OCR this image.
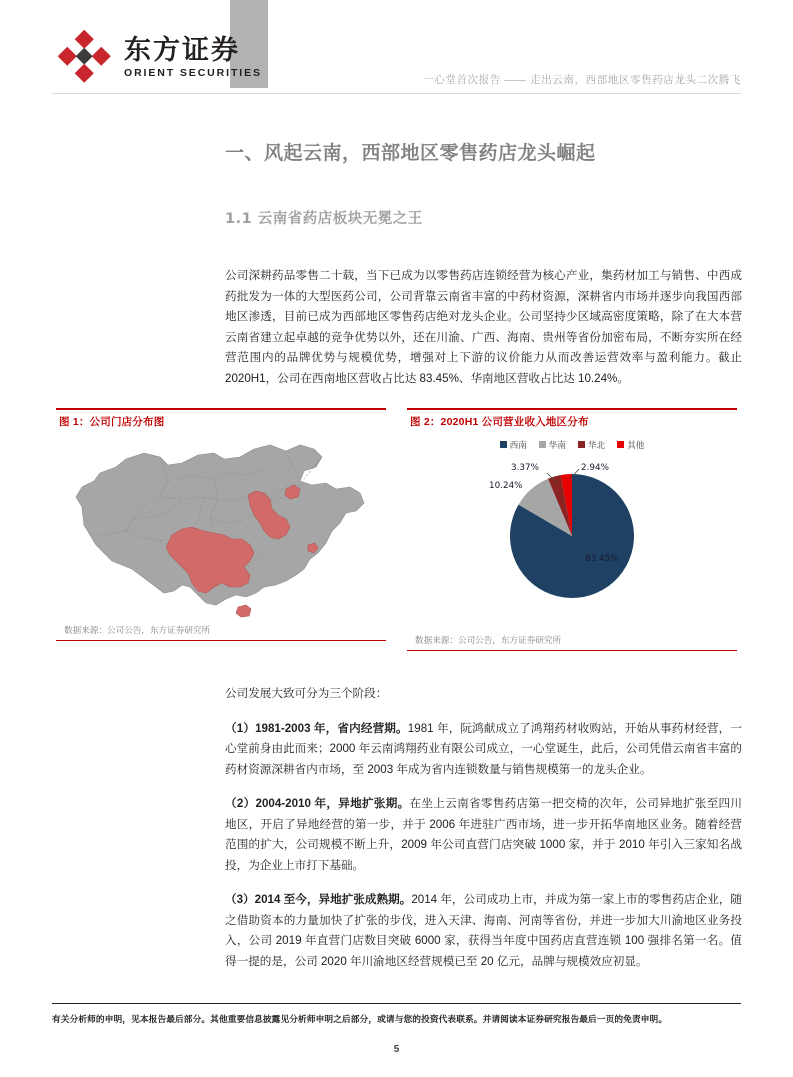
东方证券
ORIENT SECURITIES
一心堂首次报告 —— 走出云南，西部地区零售药店龙头二次腾飞
一、风起云南，西部地区零售药店龙头崛起
1.1 云南省药店板块无冕之王

公司深耕药品零售二十载，当下已成为以零售药店连锁经营为核心产业，集药材加工与销售、中西成药批发为一体的大型医药公司，公司背靠云南省丰富的中药材资源，深耕省内市场并逐步向我国西部地区渗透，目前已成为西部地区零售药店绝对龙头企业。公司坚持少区域高密度策略，除了在大本营云南省建立起卓越的竞争优势以外，还在川渝、广西、海南、贵州等省份加密布局，不断夯实所在经营范围内的品牌优势与规模优势，增强对上下游的议价能力从而改善运营效率与盈利能力。截止 2020H1，公司在西南地区营收占比达 83.45%、华南地区营收占比达 10.24%。

图 1：公司门店分布图
数据来源：公司公告，东方证券研究所
图 2：2020H1 公司营业收入地区分布
西南	华南	华北	其他
3.37%	2.94%
10.24%
83.45%
数据来源：公司公告，东方证券研究所

公司发展大致可分为三个阶段：

（1）1981-2003 年，省内经营期。1981 年，阮鸿献成立了鸿翔药材收购站，开始从事药材经营，一心堂前身由此而来；2000 年云南鸿翔药业有限公司成立，一心堂诞生，此后，公司凭借云南省丰富的药材资源深耕省内市场，至 2003 年成为省内连锁数量与销售规模第一的龙头企业。

（2）2004-2010 年，异地扩张期。在坐上云南省零售药店第一把交椅的次年，公司异地扩张至四川地区，开启了异地经营的第一步，并于 2006 年进驻广西市场，进一步开拓华南地区业务。随着经营范围的扩大，公司规模不断上升，2009 年公司直营门店突破 1000 家，并于 2010 年引入三家知名战投，为企业上市打下基础。

（3）2014 至今，异地扩张成熟期。2014 年，公司成功上市，并成为第一家上市的零售药店企业，随之借助资本的力量加快了扩张的步伐，进入天津、海南、河南等省份，并进一步加大川渝地区业务投入，公司 2019 年直营门店数目突破 6000 家，获得当年度中国药店直营连锁 100 强排名第一名。值得一提的是，公司 2020 年川渝地区经营规模已至 20 亿元，品牌与规模效应初显。

有关分析师的申明，见本报告最后部分。其他重要信息披露见分析师申明之后部分，或请与您的投资代表联系。并请阅读本证券研究报告最后一页的免责申明。
5
